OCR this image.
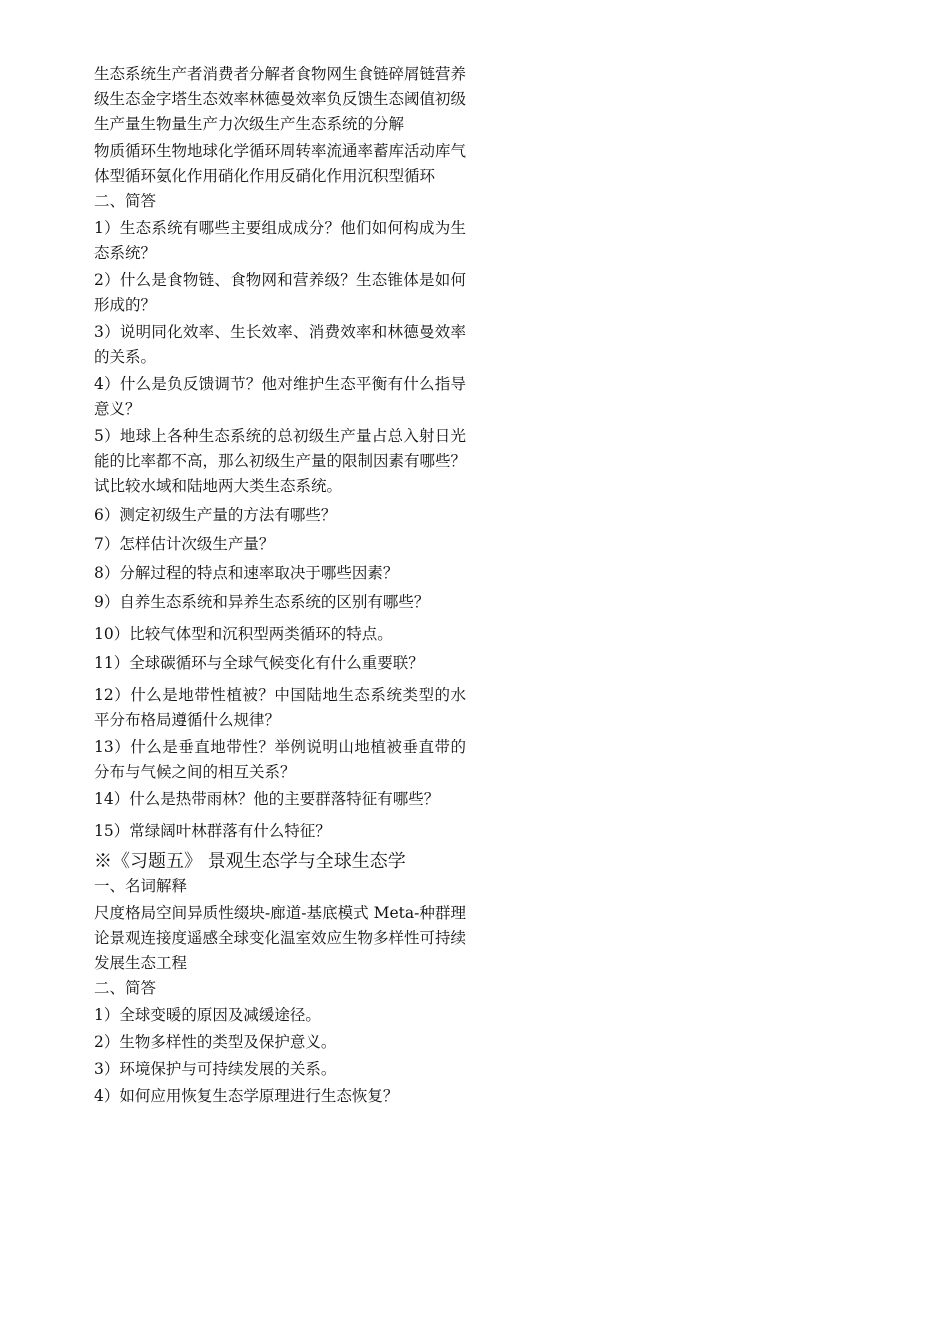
生态系统生产者消费者分解者食物网生食链碎屑链营养级生态金字塔生态效率林德曼效率负反馈生态阈值初级生产量生物量生产力次级生产生态系统的分解

物质循环生物地球化学循环周转率流通率蓄库活动库气体型循环氨化作用硝化作用反硝化作用沉积型循环

二、简答

1）生态系统有哪些主要组成成分？他们如何构成为生态系统？

2）什么是食物链、食物网和营养级？生态锥体是如何形成的？

3）说明同化效率、生长效率、消费效率和林德曼效率的关系。

4）什么是负反馈调节？他对维护生态平衡有什么指导意义？

5）地球上各种生态系统的总初级生产量占总入射日光能的比率都不高，那么初级生产量的限制因素有哪些？试比较水域和陆地两大类生态系统。

6）测定初级生产量的方法有哪些？

7）怎样估计次级生产量？

8）分解过程的特点和速率取决于哪些因素？

9）自养生态系统和异养生态系统的区别有哪些？

10）比较气体型和沉积型两类循环的特点。

11）全球碳循环与全球气候变化有什么重要联？

12）什么是地带性植被？中国陆地生态系统类型的水平分布格局遵循什么规律？

13）什么是垂直地带性？举例说明山地植被垂直带的分布与气候之间的相互关系？

14）什么是热带雨林？他的主要群落特征有哪些？

15）常绿阔叶林群落有什么特征？

※《习题五》 景观生态学与全球生态学

一、名词解释

尺度格局空间异质性缀块-廊道-基底模式 Meta-种群理论景观连接度遥感全球变化温室效应生物多样性可持续发展生态工程

二、简答

1）全球变暖的原因及减缓途径。

2）生物多样性的类型及保护意义。

3）环境保护与可持续发展的关系。

4）如何应用恢复生态学原理进行生态恢复？
